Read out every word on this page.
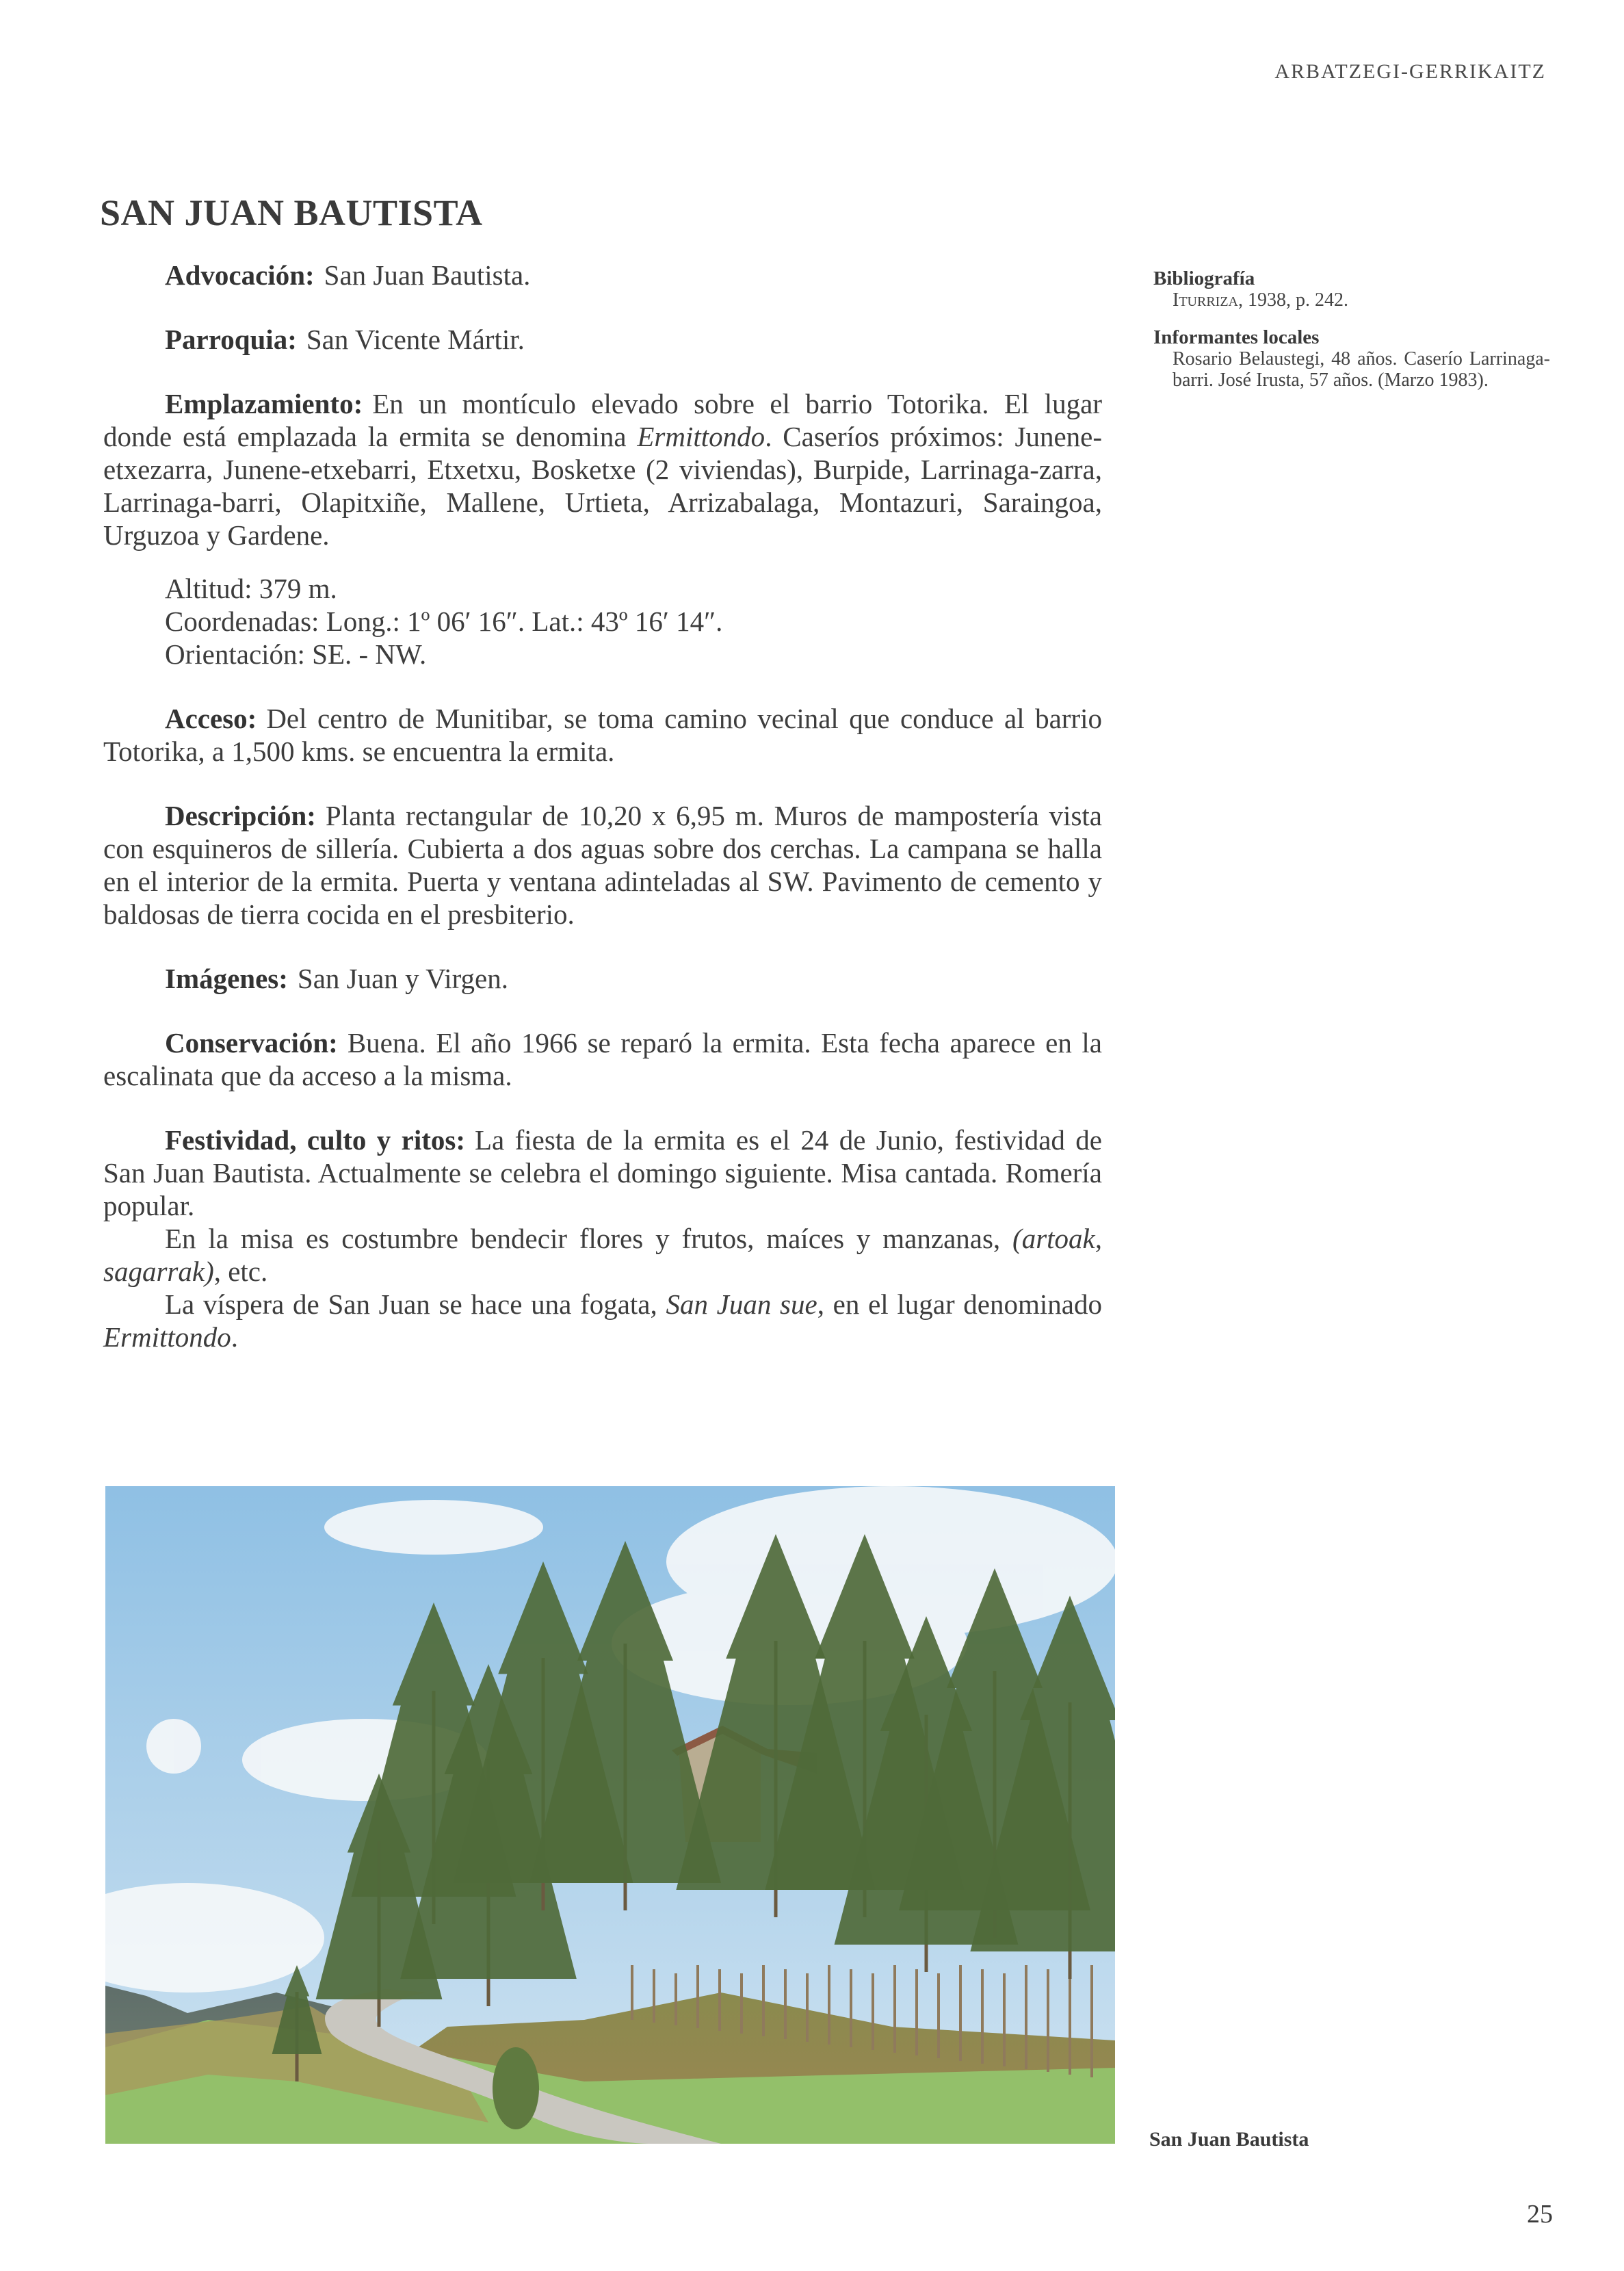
ARBATZEGI-GERRIKAITZ
SAN JUAN BAUTISTA

Advocación: San Juan Bautista.

Parroquia: San Vicente Mártir.

Emplazamiento: En un montículo elevado sobre el barrio Totorika. El lugar donde está emplazada la ermita se denomina Ermittondo. Caseríos próximos: Junene-etxezarra, Junene-etxebarri, Etxetxu, Bosketxe (2 viviendas), Burpide, Larrinaga-zarra, Larrinaga-barri, Olapitxiñe, Mallene, Urtieta, Arrizabalaga, Montazuri, Saraingoa, Urguzoa y Gardene.

Altitud: 379 m.
Coordenadas: Long.: 1º 06′ 16″. Lat.: 43º 16′ 14″.
Orientación: SE. - NW.

Acceso: Del centro de Munitibar, se toma camino vecinal que conduce al barrio Totorika, a 1,500 kms. se encuentra la ermita.

Descripción: Planta rectangular de 10,20 x 6,95 m. Muros de mampostería vista con esquineros de sillería. Cubierta a dos aguas sobre dos cerchas. La campana se halla en el interior de la ermita. Puerta y ventana adinteladas al SW. Pavimento de cemento y baldosas de tierra cocida en el presbiterio.

Imágenes: San Juan y Virgen.

Conservación: Buena. El año 1966 se reparó la ermita. Esta fecha aparece en la escalinata que da acceso a la misma.

Festividad, culto y ritos: La fiesta de la ermita es el 24 de Junio, festividad de San Juan Bautista. Actualmente se celebra el domingo siguiente. Misa cantada. Romería popular.

En la misa es costumbre bendecir flores y frutos, maíces y manzanas, (artoak, sagarrak), etc.

La víspera de San Juan se hace una fogata, San Juan sue, en el lugar denominado Ermittondo.

Bibliografía
Iturriza, 1938, p. 242.
Informantes locales
Rosario Belaustegi, 48 años. Caserío Larrinaga-barri. José Irusta, 57 años. (Marzo 1983).
San Juan Bautista
25
